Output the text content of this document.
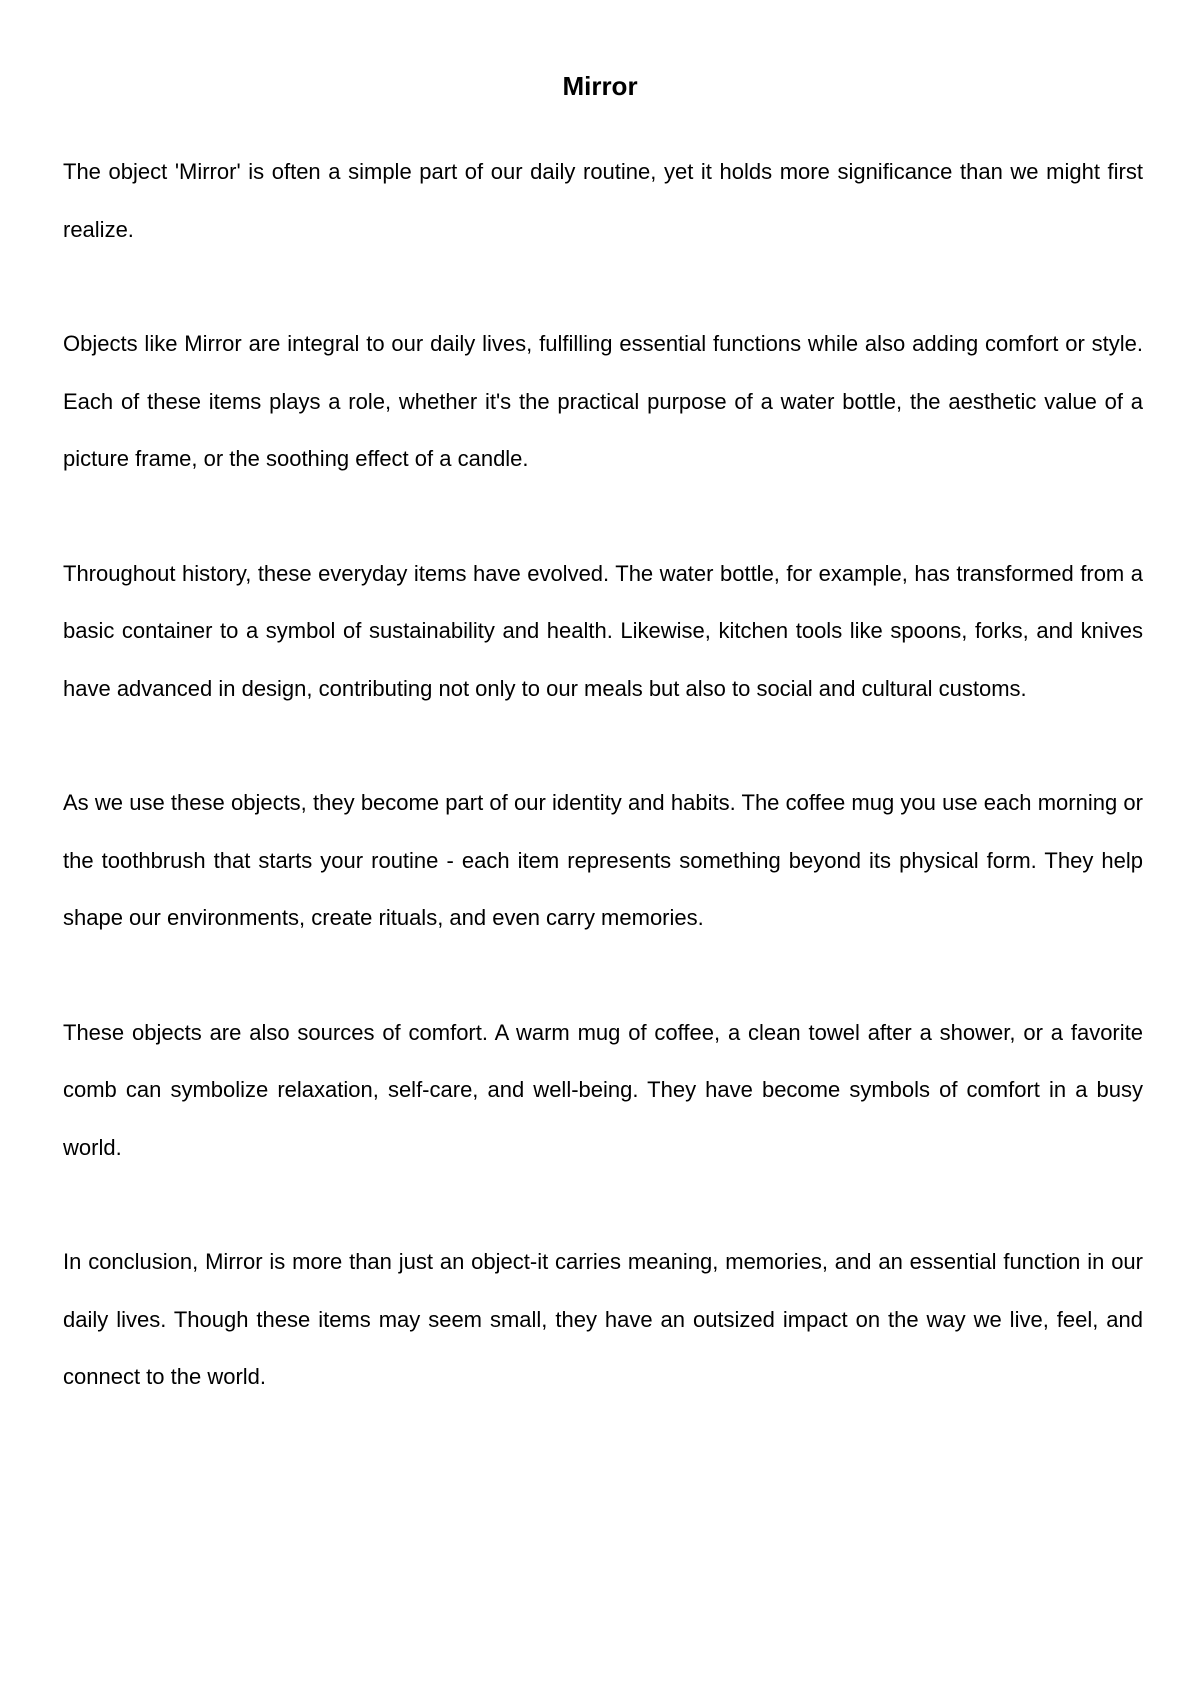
Mirror

The object 'Mirror' is often a simple part of our daily routine, yet it holds more significance than we might first realize.

Objects like Mirror are integral to our daily lives, fulfilling essential functions while also adding comfort or style. Each of these items plays a role, whether it's the practical purpose of a water bottle, the aesthetic value of a picture frame, or the soothing effect of a candle.

Throughout history, these everyday items have evolved. The water bottle, for example, has transformed from a basic container to a symbol of sustainability and health. Likewise, kitchen tools like spoons, forks, and knives have advanced in design, contributing not only to our meals but also to social and cultural customs.

As we use these objects, they become part of our identity and habits. The coffee mug you use each morning or the toothbrush that starts your routine - each item represents something beyond its physical form. They help shape our environments, create rituals, and even carry memories.

These objects are also sources of comfort. A warm mug of coffee, a clean towel after a shower, or a favorite comb can symbolize relaxation, self-care, and well-being. They have become symbols of comfort in a busy world.

In conclusion, Mirror is more than just an object-it carries meaning, memories, and an essential function in our daily lives. Though these items may seem small, they have an outsized impact on the way we live, feel, and connect to the world.
